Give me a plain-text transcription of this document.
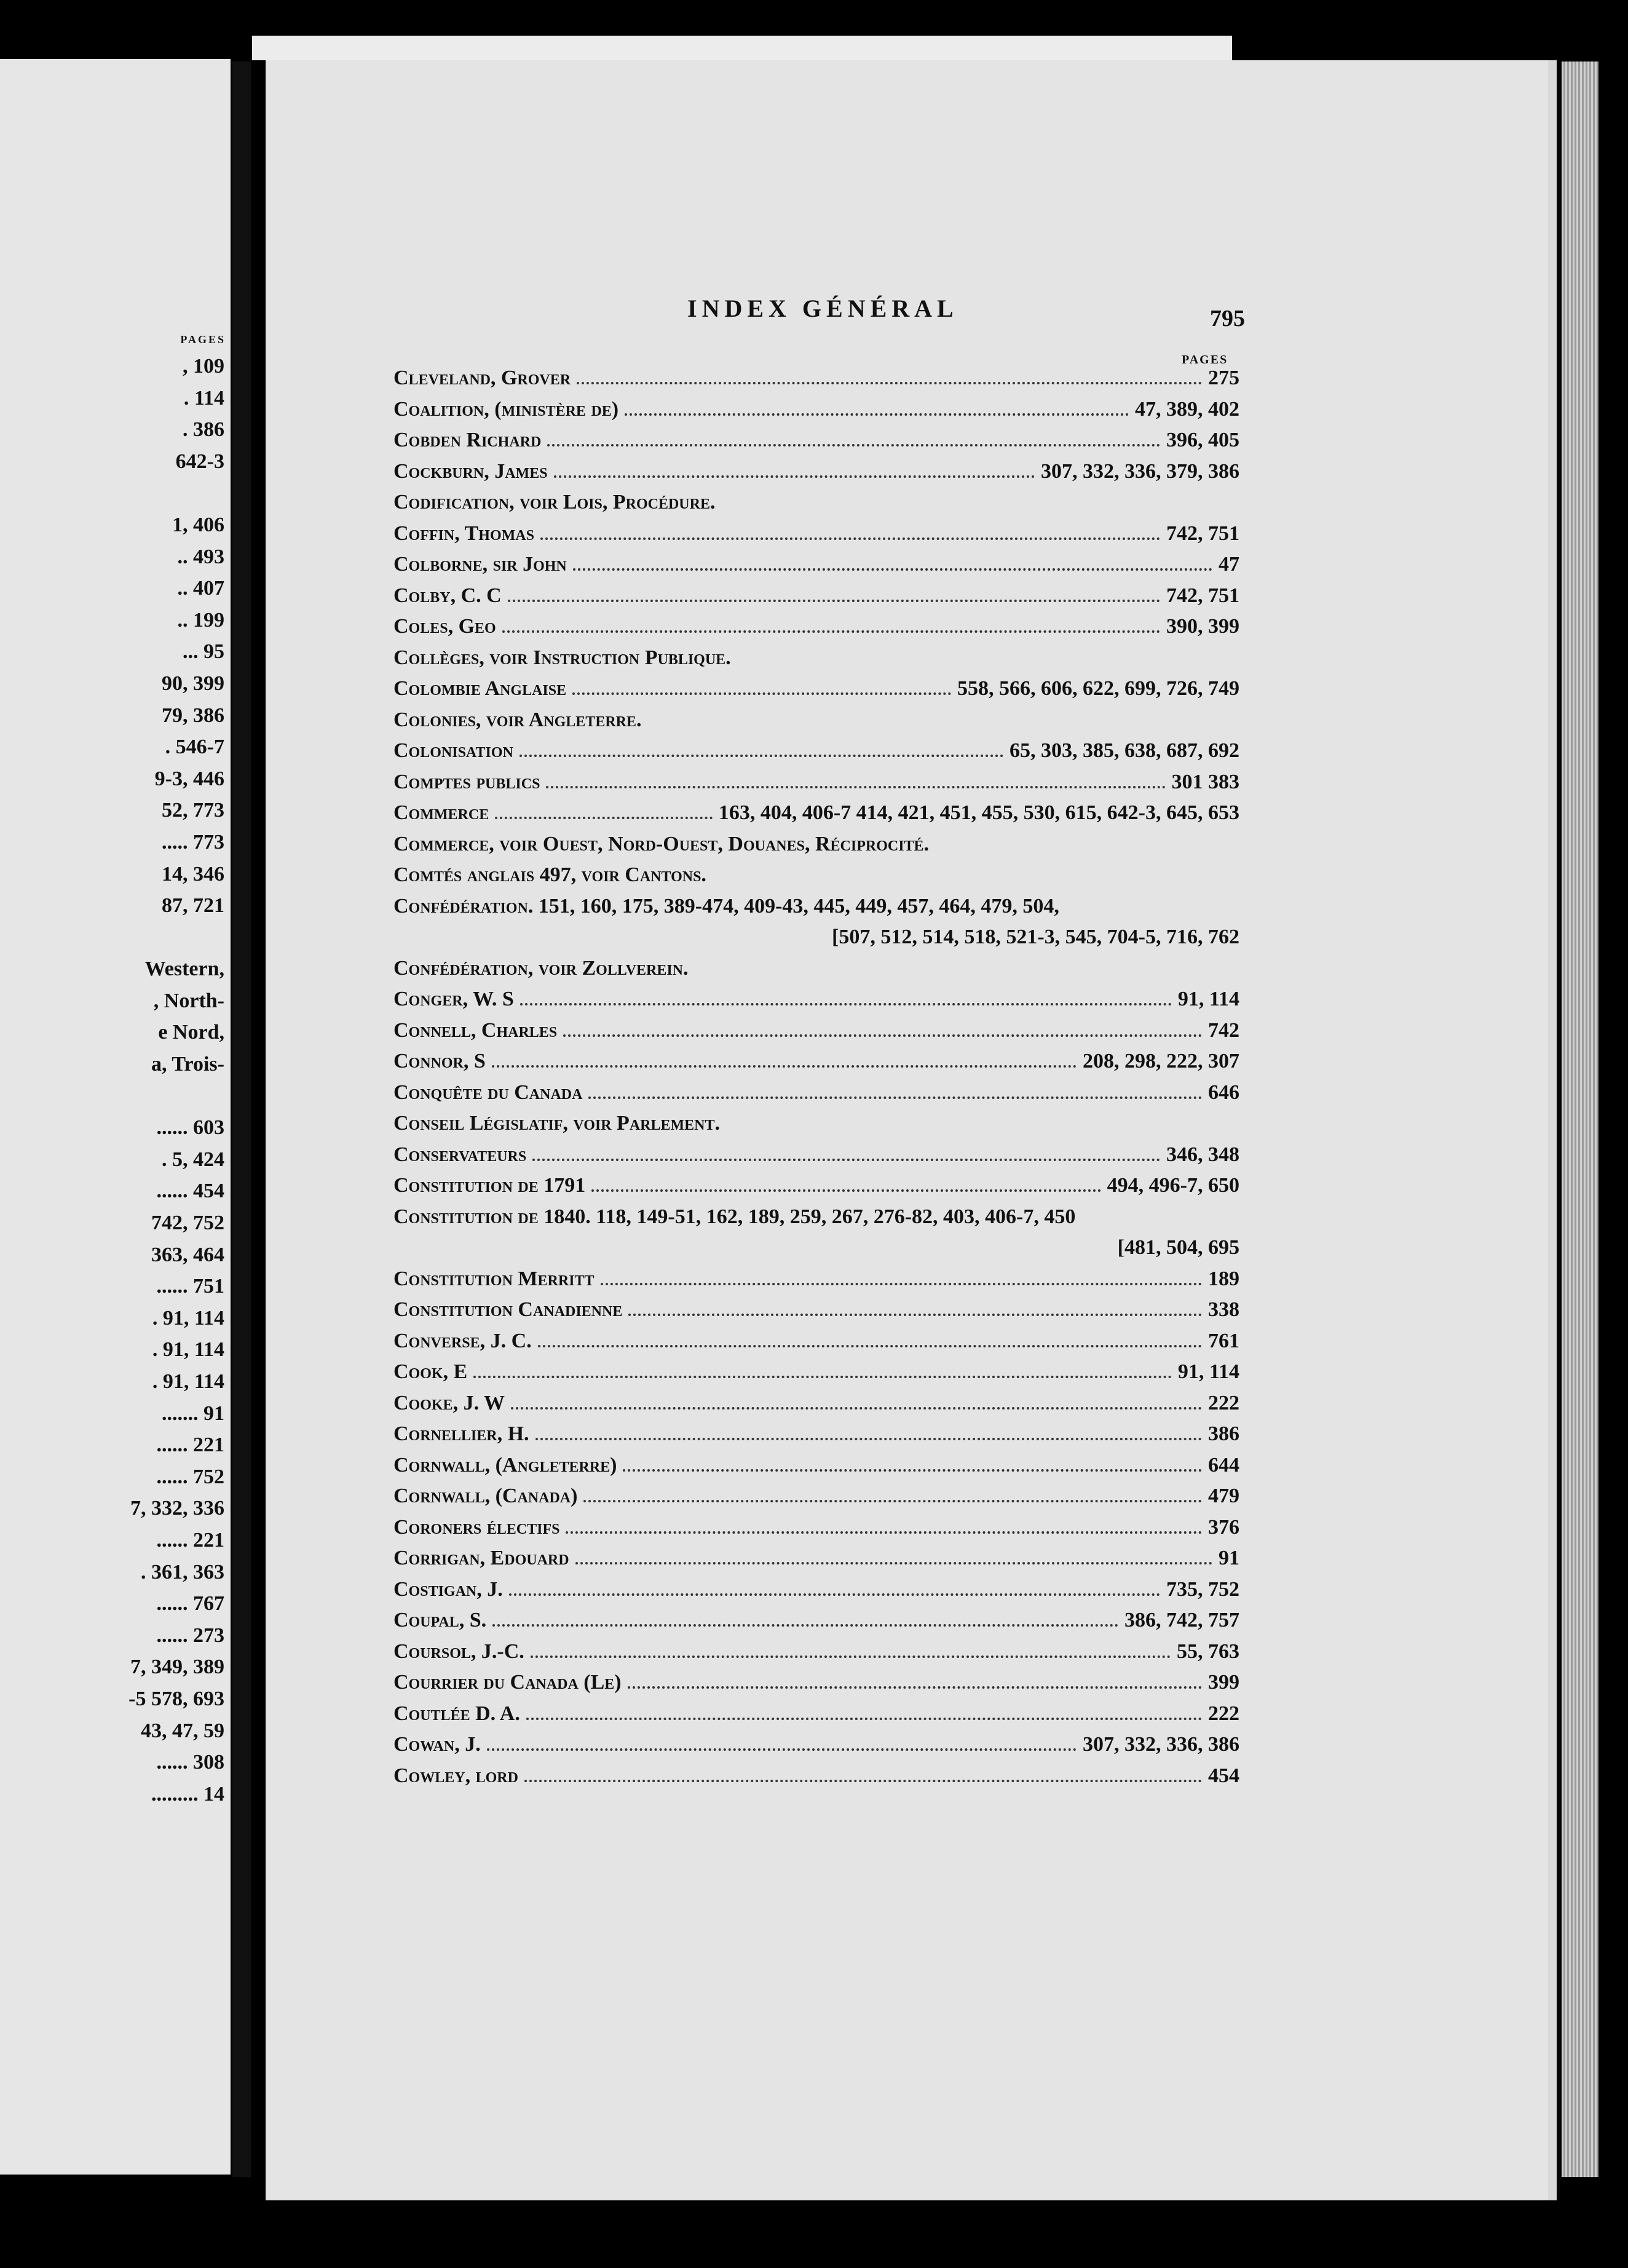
PAGES
, 109
. 114
. 386
642-3

1, 406
.. 493
.. 407
.. 199
... 95
90, 399
79, 386
. 546-7
9-3, 446
52, 773
..... 773
14, 346
87, 721

Western,
, North-
e Nord,
a, Trois-

...... 603
. 5, 424
...... 454
742, 752
363, 464
...... 751
. 91, 114
. 91, 114
. 91, 114
....... 91
...... 221
...... 752
7, 332, 336
...... 221
. 361, 363
...... 767
...... 273
7, 349, 389
-5 578, 693
43, 47, 59
...... 308
......... 14
INDEX GÉNÉRAL	795
PAGES
Cleveland, Grover	275
Coalition, (ministère de)	47, 389, 402
Cobden Richard	396, 405
Cockburn, James	307, 332, 336, 379, 386
Codification, voir Lois, Procédure.
Coffin, Thomas	742, 751
Colborne, sir John	47
Colby, C. C	742, 751
Coles, Geo	390, 399
Collèges, voir Instruction Publique.
Colombie Anglaise	558, 566, 606, 622, 699, 726, 749
Colonies, voir Angleterre.
Colonisation	65, 303, 385, 638, 687, 692
Comptes publics	301 383
Commerce	163, 404, 406-7 414, 421, 451, 455, 530, 615, 642-3, 645, 653
Commerce, voir Ouest, Nord-Ouest, Douanes, Réciprocité.
Comtés anglais 497, voir Cantons.
Confédération. 151, 160, 175, 389-474, 409-43, 445, 449, 457, 464, 479, 504,
[507, 512, 514, 518, 521-3, 545, 704-5, 716, 762
Confédération, voir Zollverein.
Conger, W. S	91, 114
Connell, Charles	742
Connor, S	208, 298, 222, 307
Conquête du Canada	646
Conseil Législatif, voir Parlement.
Conservateurs	346, 348
Constitution de 1791	494, 496-7, 650
Constitution de 1840. 118, 149-51, 162, 189, 259, 267, 276-82, 403, 406-7, 450
[481, 504, 695
Constitution Merritt	189
Constitution Canadienne	338
Converse, J. C.	761
Cook, E	91, 114
Cooke, J. W	222
Cornellier, H.	386
Cornwall, (Angleterre)	644
Cornwall, (Canada)	479
Coroners électifs	376
Corrigan, Edouard	91
Costigan, J.	735, 752
Coupal, S.	386, 742, 757
Coursol, J.-C.	55, 763
Courrier du Canada (Le)	399
Coutlée D. A.	222
Cowan, J.	307, 332, 336, 386
Cowley, lord	454
